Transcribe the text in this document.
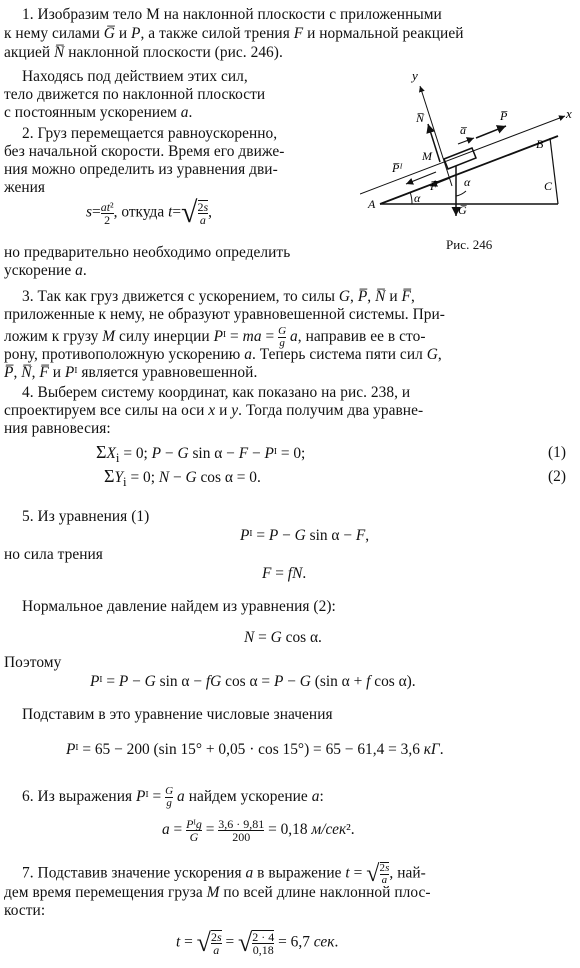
1. Изобразим тело M на наклонной плоскости с приложенными
к нему силами G̅ и P, а также силой трения F и нормальной реакцией
акцией N̅ наклонной плоскости (рис. 246).
Находясь под действием этих сил,
тело движется по наклонной плоскости
с постоянным ускорением a.
2. Груз перемещается равноускоренно,
без начальной скорости. Время его движе-
ния можно определить из уравнения дви-
жения
$s= \frac{\text{at²}}{2}$ , откуда $t=√ \frac{2s}{a}$ ,
но предварительно необходимо определить
ускорение a.
y
x
N̅
a̅
P̅
P̅ᴵ
M
F̅
G̅
α
α
A
B
C
Рис. 246
3. Так как груз движется с ускорением, то силы G, P̅, N̅ и F̅,
приложенные к нему, не образуют уравновешенной системы. При-
ложим к грузу M силу инерции Pᴵ = ma = $\frac{G}{g} a$, направив ее в сто-
рону, противоположную ускорению a. Теперь система пяти сил G,
P̅, N̅, F̅ и Pᴵ является уравновешенной.
4. Выберем систему координат, как показано на рис. 238, и
спроектируем все силы на оси x и y. Тогда получим два уравне-
ния равновесия:
$\Sigma X_i = 0$; P − G sin α − F − Pᴵ = 0;	(1)
$\Sigma Y_i = 0$; N − G cos α = 0.	(2)
5. Из уравнения (1)
Pᴵ = P − G sin α − F,
но сила трения
F = fN.
Нормальное давление найдем из уравнения (2):
N = G cos α.
Поэтому
Pᴵ = P − G sin α − fG cos α = P − G (sin α + f cos α).
Подставим в это уравнение числовые значения
Pᴵ = 65 − 200 (sin 15° + 0,05 · cos 15°) = 65 − 61,4 = 3,6 кГ.
6. Из выражения Pᴵ = $\frac{G}{g}$ a найдем ускорение a:
a = Pᴵg
$G = \frac{3,6 \cdot 9,81}{200} = 0,18$ м/сек².
7. Подставив значение ускорения a в выражение t = √ $\frac{2s}{a}$ , най-
дем время перемещения груза M по всей длине наклонной плос-
кости:
t = √ $\frac{2s}{a}$ = √ $\frac{2 \cdot 4}{0,18} = 6,7$ сек.
